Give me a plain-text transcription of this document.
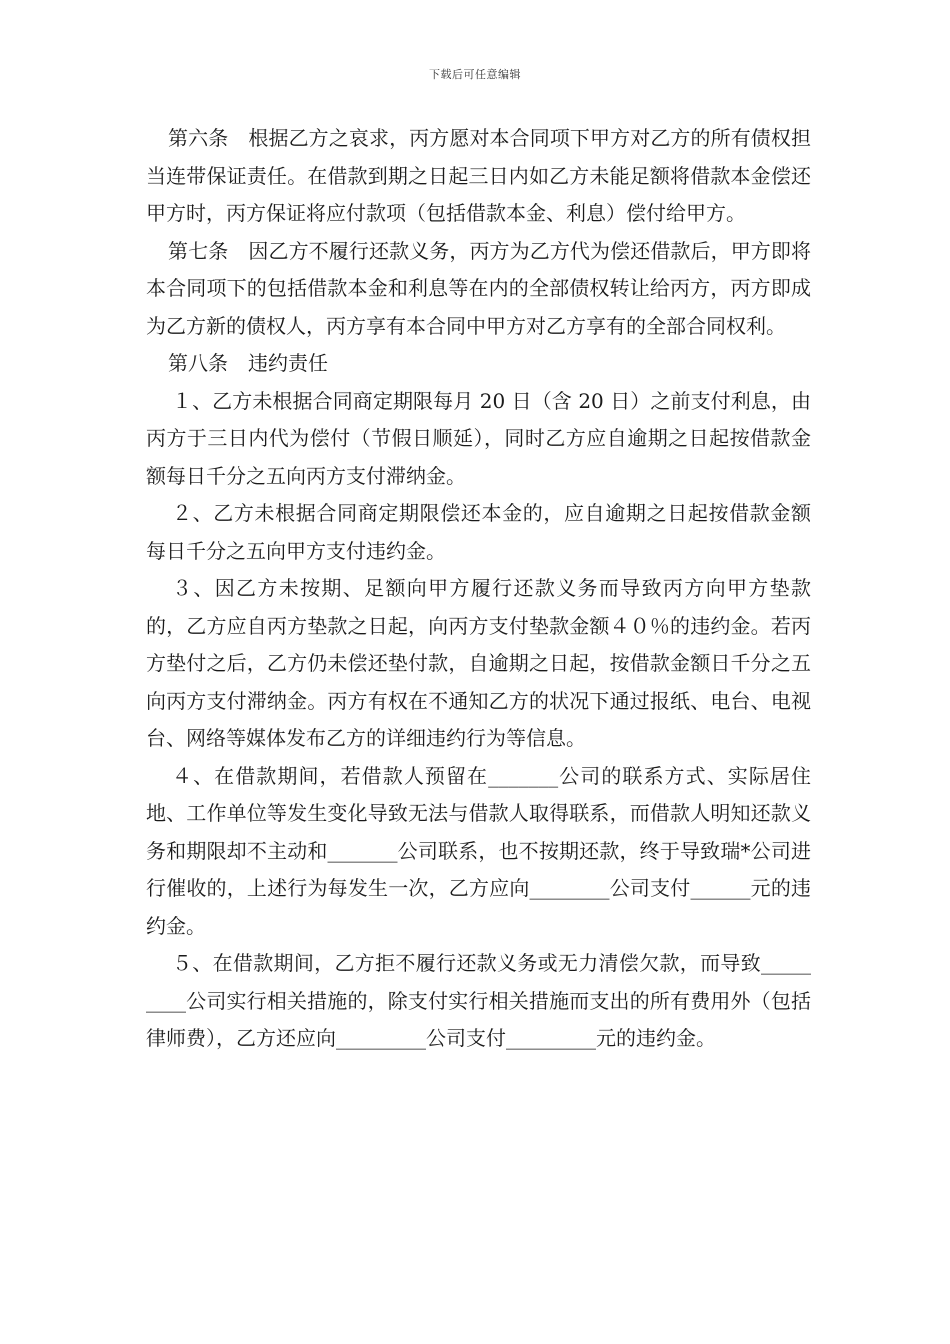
下载后可任意编辑

第六条　根据乙方之哀求，丙方愿对本合同项下甲方对乙方的所有债权担当连带保证责任。在借款到期之日起三日内如乙方未能足额将借款本金偿还甲方时，丙方保证将应付款项（包括借款本金、利息）偿付给甲方。

第七条　因乙方不履行还款义务，丙方为乙方代为偿还借款后，甲方即将本合同项下的包括借款本金和利息等在内的全部债权转让给丙方，丙方即成为乙方新的债权人，丙方享有本合同中甲方对乙方享有的全部合同权利。

第八条　违约责任

１、乙方未根据合同商定期限每月 20 日（含 20 日）之前支付利息，由丙方于三日内代为偿付（节假日顺延），同时乙方应自逾期之日起按借款金额每日千分之五向丙方支付滞纳金。

２、乙方未根据合同商定期限偿还本金的，应自逾期之日起按借款金额每日千分之五向甲方支付违约金。

３、因乙方未按期、足额向甲方履行还款义务而导致丙方向甲方垫款的，乙方应自丙方垫款之日起，向丙方支付垫款金额４０％的违约金。若丙方垫付之后，乙方仍未偿还垫付款，自逾期之日起，按借款金额日千分之五向丙方支付滞纳金。丙方有权在不通知乙方的状况下通过报纸、电台、电视台、网络等媒体发布乙方的详细违约行为等信息。

４、在借款期间，若借款人预留在_______公司的联系方式、实际居住地、工作单位等发生变化导致无法与借款人取得联系，而借款人明知还款义务和期限却不主动和_______公司联系，也不按期还款，终于导致瑞*公司进行催收的，上述行为每发生一次，乙方应向________公司支付______元的违约金。

５、在借款期间，乙方拒不履行还款义务或无力清偿欠款，而导致_________公司实行相关措施的，除支付实行相关措施而支出的所有费用外（包括律师费），乙方还应向_________公司支付_________元的违约金。
